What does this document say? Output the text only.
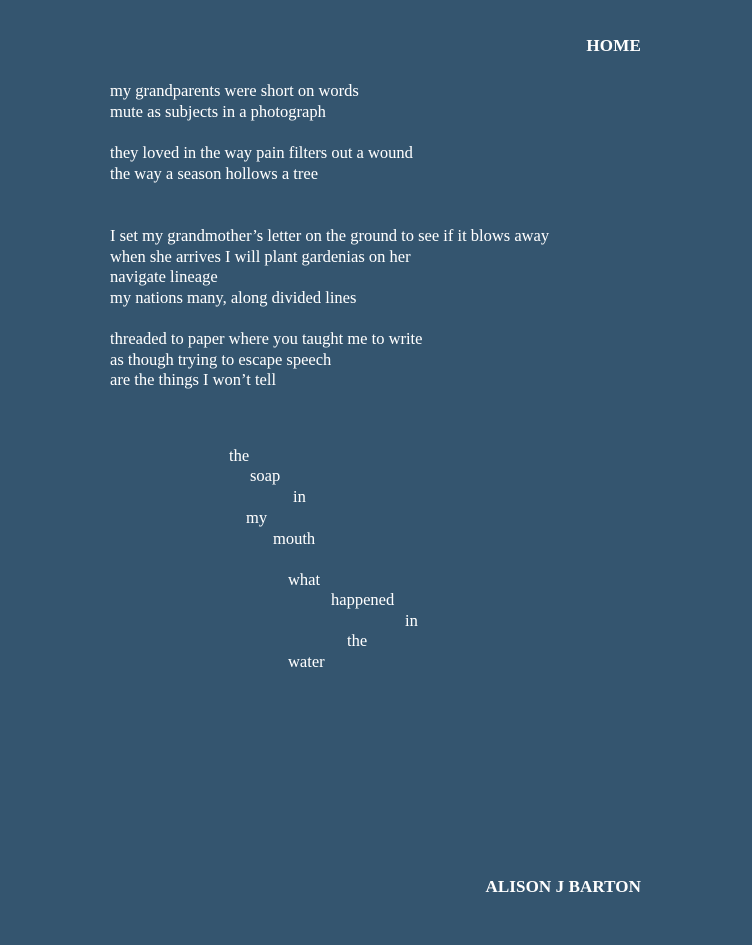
HOME
my grandparents were short on words
mute as subjects in a photograph
they loved in the way pain filters out a wound
the way a season hollows a tree
I set my grandmother’s letter on the ground to see if it blows away
when she arrives I will plant gardenias on her
navigate lineage
my nations many, along divided lines
threaded to paper where you taught me to write
as though trying to escape speech
are the things I won’t tell
the
soap
in
my
mouth
what
happened
in
the
water

ALISON J BARTON
